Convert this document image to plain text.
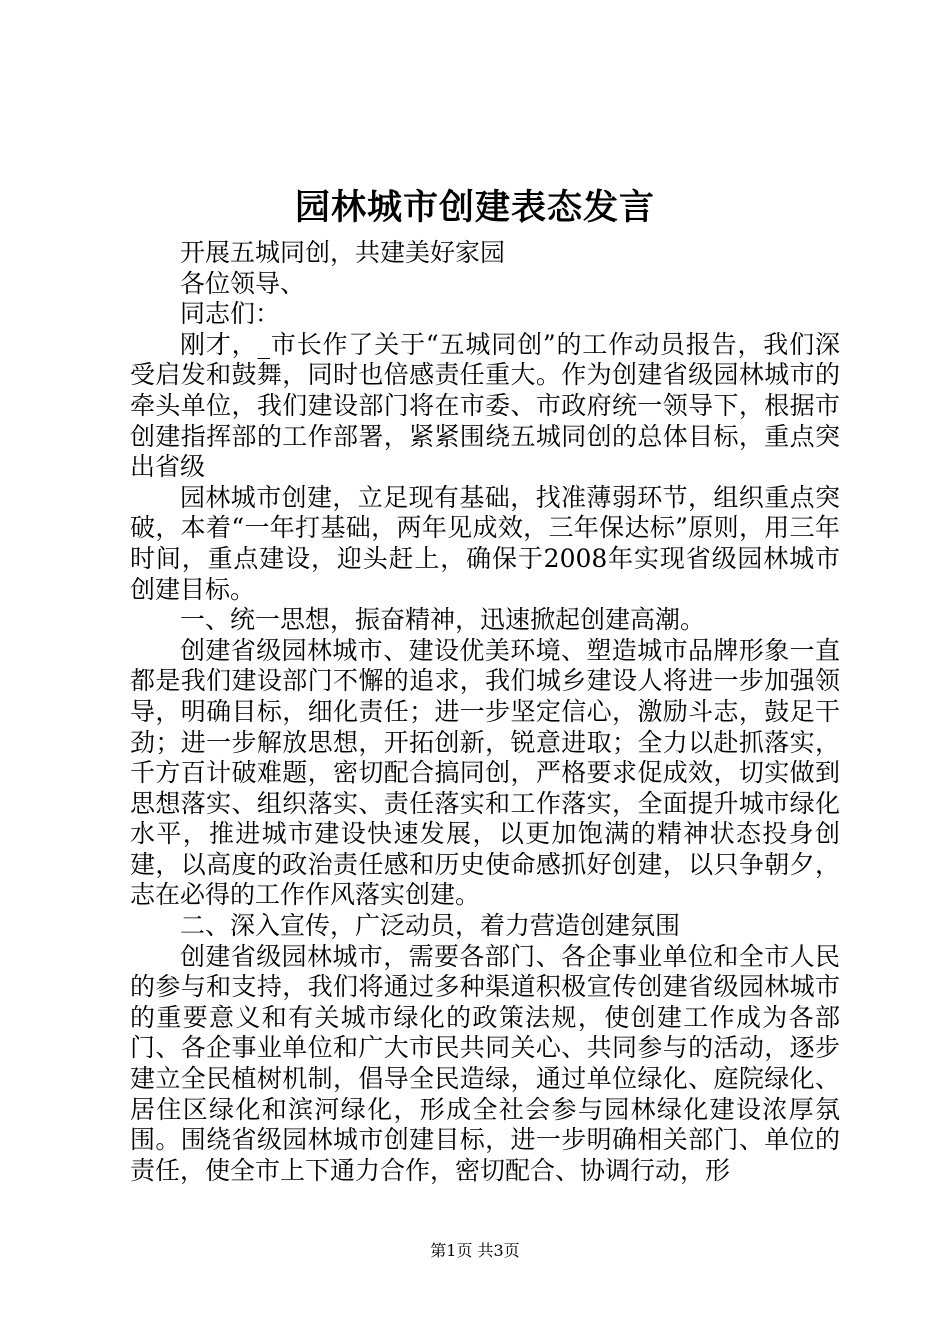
园林城市创建表态发言

开展五城同创，共建美好家园

各位领导、

同志们：

刚才，_市长作了关于“五城同创”的工作动员报告，我们深受启发和鼓舞，同时也倍感责任重大。作为创建省级园林城市的牵头单位，我们建设部门将在市委、市政府统一领导下，根据市创建指挥部的工作部署，紧紧围绕五城同创的总体目标，重点突出省级

园林城市创建，立足现有基础，找准薄弱环节，组织重点突破，本着“一年打基础，两年见成效，三年保达标”原则，用三年时间，重点建设，迎头赶上，确保于2008年实现省级园林城市创建目标。

一、统一思想，振奋精神，迅速掀起创建高潮。

创建省级园林城市、建设优美环境、塑造城市品牌形象一直都是我们建设部门不懈的追求，我们城乡建设人将进一步加强领导，明确目标，细化责任；进一步坚定信心，激励斗志，鼓足干劲；进一步解放思想，开拓创新，锐意进取；全力以赴抓落实，千方百计破难题，密切配合搞同创，严格要求促成效，切实做到思想落实、组织落实、责任落实和工作落实，全面提升城市绿化水平，推进城市建设快速发展，以更加饱满的精神状态投身创建，以高度的政治责任感和历史使命感抓好创建，以只争朝夕，志在必得的工作作风落实创建。

二、深入宣传，广泛动员，着力营造创建氛围

创建省级园林城市，需要各部门、各企事业单位和全市人民的参与和支持，我们将通过多种渠道积极宣传创建省级园林城市的重要意义和有关城市绿化的政策法规，使创建工作成为各部门、各企事业单位和广大市民共同关心、共同参与的活动，逐步建立全民植树机制，倡导全民造绿，通过单位绿化、庭院绿化、居住区绿化和滨河绿化，形成全社会参与园林绿化建设浓厚氛围。围绕省级园林城市创建目标，进一步明确相关部门、单位的责任，使全市上下通力合作，密切配合、协调行动，形

第1页 共3页
